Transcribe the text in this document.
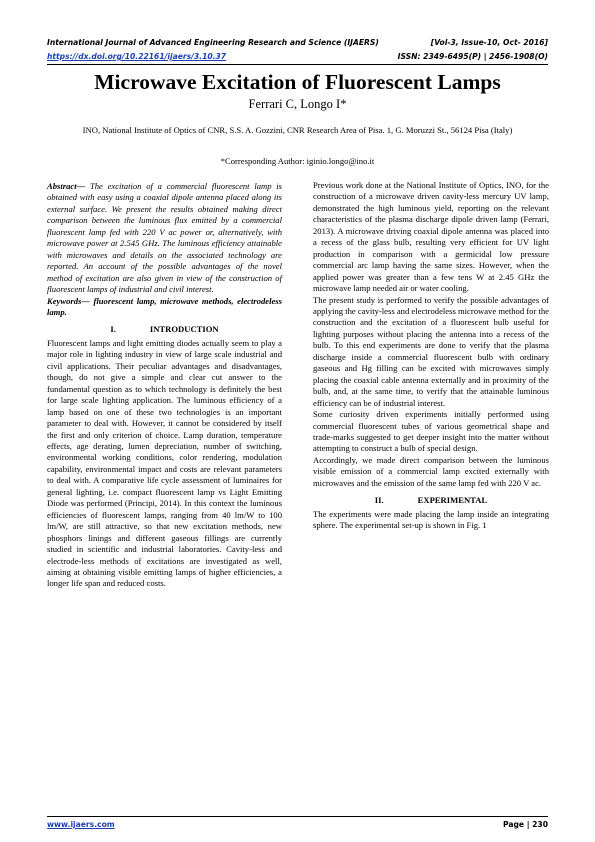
International Journal of Advanced Engineering Research and Science (IJAERS)	[Vol-3, Issue-10, Oct- 2016]
https://dx.doi.org/10.22161/ijaers/3.10.37	ISSN: 2349-6495(P) | 2456-1908(O)
Microwave Excitation of Fluorescent Lamps
Ferrari C, Longo I*
INO, National Institute of Optics of CNR, S.S. A. Gozzini, CNR Research Area of Pisa. 1, G. Moruzzi St., 56124 Pisa (Italy)
*Corresponding Author: iginio.longo@ino.it

Abstract— The excitation of a commercial fluorescent lamp is obtained with easy using a coaxial dipole antenna placed along its external surface. We present the results obtained making direct comparison between the luminous flux emitted by a commercial fluorescent lamp fed with 220 V ac power or, alternatively, with microwave power at 2.545 GHz. The luminous efficiency attainable with microwaves and details on the associated technology are reported. An account of the possible advantages of the novel method of excitation are also given in view of the construction of fluorescent lamps of industrial and civil interest.

Keywords— fluorescent lamp, microwave methods, electrodeless lamp.

I.	INTRODUCTION

Fluorescent lamps and light emitting diodes actually seem to play a major role in lighting industry in view of large scale industrial and civil applications. Their peculiar advantages and disadvantages, though, do not give a simple and clear cut answer to the fundamental question as to which technology is definitely the best for large scale lighting application. The luminous efficiency of a lamp based on one of these two technologies is an important parameter to deal with. However, it cannot be considered by itself the first and only criterion of choice. Lamp duration, temperature effects, age derating, lumen depreciation, number of switching, environmental working conditions, color rendering, modulation capability, environmental impact and costs are relevant parameters to deal with. A comparative life cycle assessment of luminaires for general lighting, i.e. compact fluorescent lamp vs Light Emitting Diode was performed (Principi, 2014). In this context the luminous efficiencies of fluorescent lamps, ranging from 40 lm/W to 100 lm/W, are still attractive, so that new excitation methods, new phosphors linings and different gaseous fillings are currently studied in scientific and industrial laboratories. Cavity-less and electrode-less methods of excitations are investigated as well, aiming at obtaining visible emitting lamps of higher efficiencies, a longer life span and reduced costs.

Previous work done at the National Institute of Optics, INO, for the construction of a microwave driven cavity-less mercury UV lamp, demonstrated the high luminous yield, reporting on the relevant characteristics of the plasma discharge dipole driven lamp (Ferrari, 2013). A microwave driving coaxial dipole antenna was placed into a recess of the glass bulb, resulting very efficient for UV light production in comparison with a germicidal low pressure commercial arc lamp having the same sizes. However, when the applied power was greater than a few tens W at 2.45 GHz the microwave lamp needed air or water cooling.

The present study is performed to verify the possible advantages of applying the cavity-less and electrodeless microwave method for the construction and the excitation of a fluorescent bulb useful for lighting purposes without placing the antenna into a recess of the bulb. To this end experiments are done to verify that the plasma discharge inside a commercial fluorescent bulb with ordinary gaseous and Hg filling can be excited with microwaves simply placing the coaxial cable antenna externally and in proximity of the bulb, and, at the same time, to verify that the attainable luminous efficiency can be of industrial interest.

Some curiosity driven experiments initially performed using commercial fluorescent tubes of various geometrical shape and trade-marks suggested to get deeper insight into the matter without attempting to construct a bulb of special design.

Accordingly, we made direct comparison between the luminous visible emission of a commercial lamp excited externally with microwaves and the emission of the same lamp fed with 220 V ac.

II.	EXPERIMENTAL

The experiments were made placing the lamp inside an integrating sphere. The experimental set-up is shown in Fig. 1

www.ijaers.com	Page | 230
